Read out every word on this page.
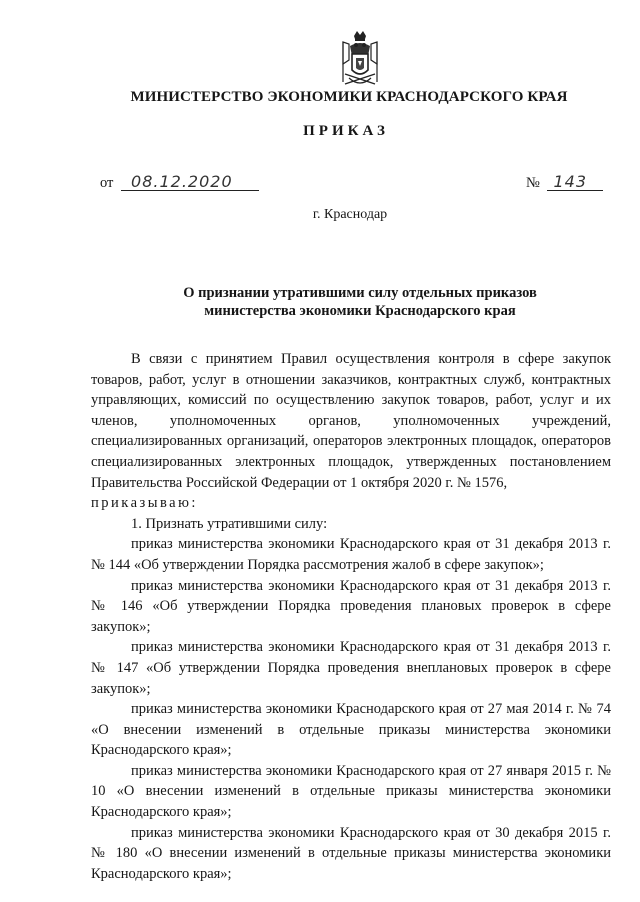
МИНИСТЕРСТВО ЭКОНОМИКИ КРАСНОДАРСКОГО КРАЯ
ПРИКАЗ
от 08.12.2020	№ 143
г. Краснодар
О признании утратившими силу отдельных приказов
министерства экономики Краснодарского края

В связи с принятием Правил осуществления контроля в сфере закупок товаров, работ, услуг в отношении заказчиков, контрактных служб, контрактных управляющих, комиссий по осуществлению закупок товаров, работ, услуг и их членов, уполномоченных органов, уполномоченных учреждений, специализированных организаций, операторов электронных площадок, операторов специализированных электронных площадок, утвержденных постановлением Правительства Российской Федерации от 1 октября 2020 г. № 1576,

приказываю:

1. Признать утратившими силу:

приказ министерства экономики Краснодарского края от 31 декабря 2013 г. № 144 «Об утверждении Порядка рассмотрения жалоб в сфере закупок»;

приказ министерства экономики Краснодарского края от 31 декабря 2013 г. № 146 «Об утверждении Порядка проведения плановых проверок в сфере закупок»;

приказ министерства экономики Краснодарского края от 31 декабря 2013 г. № 147 «Об утверждении Порядка проведения внеплановых проверок в сфере закупок»;

приказ министерства экономики Краснодарского края от 27 мая 2014 г. № 74 «О внесении изменений в отдельные приказы министерства экономики Краснодарского края»;

приказ министерства экономики Краснодарского края от 27 января 2015 г. № 10 «О внесении изменений в отдельные приказы министерства экономики Краснодарского края»;

приказ министерства экономики Краснодарского края от 30 декабря 2015 г. № 180 «О внесении изменений в отдельные приказы министерства экономики Краснодарского края»;
